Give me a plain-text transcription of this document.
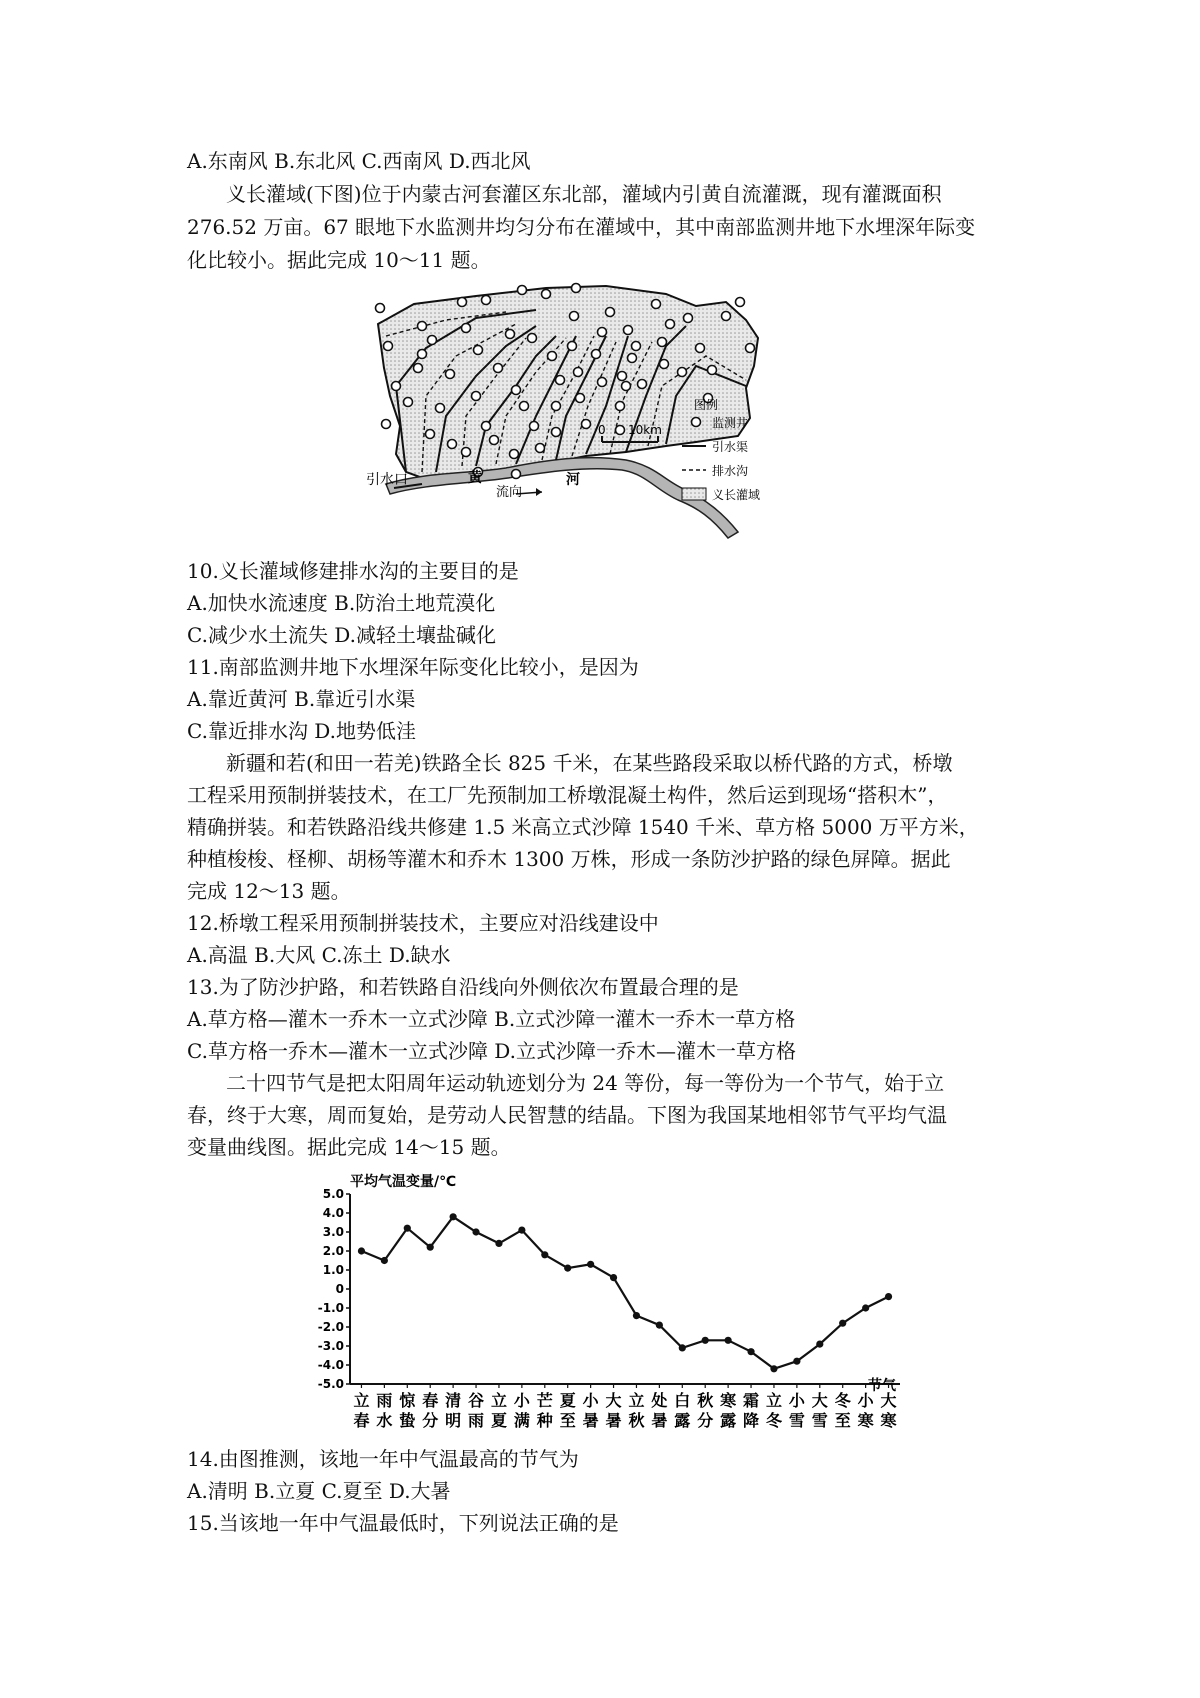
A.东南风 B.东北风 C.西南风 D.西北风
义长灌域(下图)位于内蒙古河套灌区东北部，灌域内引黄自流灌溉，现有灌溉面积
276.52 万亩。67 眼地下水监测井均匀分布在灌域中，其中南部监测井地下水埋深年际变
化比较小。据此完成 10～11 题。
引水口	黄
流向
河
0 10km
图例
监测井
引水渠
排水沟
义长灌域
10.义长灌域修建排水沟的主要目的是
A.加快水流速度 B.防治土地荒漠化
C.减少水土流失 D.减轻土壤盐碱化
11.南部监测井地下水埋深年际变化比较小，是因为
A.靠近黄河 B.靠近引水渠
C.靠近排水沟 D.地势低洼
新疆和若(和田一若羌)铁路全长 825 千米，在某些路段采取以桥代路的方式，桥墩
工程采用预制拼装技术，在工厂先预制加工桥墩混凝土构件，然后运到现场“搭积木”，
精确拼装。和若铁路沿线共修建 1.5 米高立式沙障 1540 千米、草方格 5000 万平方米，
种植梭梭、柽柳、胡杨等灌木和乔木 1300 万株，形成一条防沙护路的绿色屏障。据此
完成 12～13 题。
12.桥墩工程采用预制拼装技术，主要应对沿线建设中
A.高温 B.大风 C.冻土 D.缺水
13.为了防沙护路，和若铁路自沿线向外侧依次布置最合理的是
A.草方格—灌木一乔木一立式沙障 B.立式沙障一灌木一乔木一草方格
C.草方格一乔木—灌木一立式沙障 D.立式沙障一乔木—灌木一草方格
二十四节气是把太阳周年运动轨迹划分为 24 等份，每一等份为一个节气，始于立
春，终于大寒，周而复始，是劳动人民智慧的结晶。下图为我国某地相邻节气平均气温
变量曲线图。据此完成 14～15 题。
5.0
4.0
3.0
2.0
1.0
0
-1.0
-2.0
-3.0
-4.0
-5.0
立
春
雨
水
惊
蛰
春
分
清
明
谷
雨
立
夏
小
满
芒
种
夏
至
小
暑
大
暑
立
秋
处
暑
白
露
秋
分
寒
露
霜
降
立
冬
小
雪
大
雪
冬
至
小
寒
大
寒
平均气温变量/℃
节气
14.由图推测，该地一年中气温最高的节气为
A.清明 B.立夏 C.夏至 D.大暑
15.当该地一年中气温最低时，下列说法正确的是
